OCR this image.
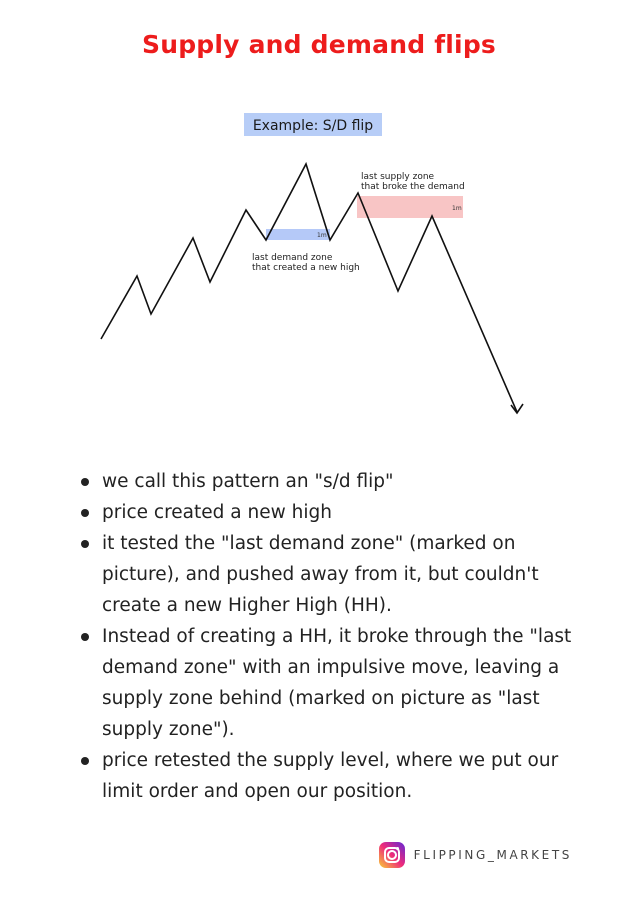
Supply and demand flips
Example: S/D flip
1m
1m
last supply zone
that broke the demand
last demand zone
that created a new high
we call this pattern an "s/d flip"
price created a new high
it tested the "last demand zone" (marked on picture), and pushed away from it, but couldn't create a new Higher High (HH).
Instead of creating a HH, it broke through the "last demand zone" with an impulsive move, leaving a supply zone behind (marked on picture as "last supply zone").
price retested the supply level, where we put our limit order and open our position.
FLIPPING_MARKETS
